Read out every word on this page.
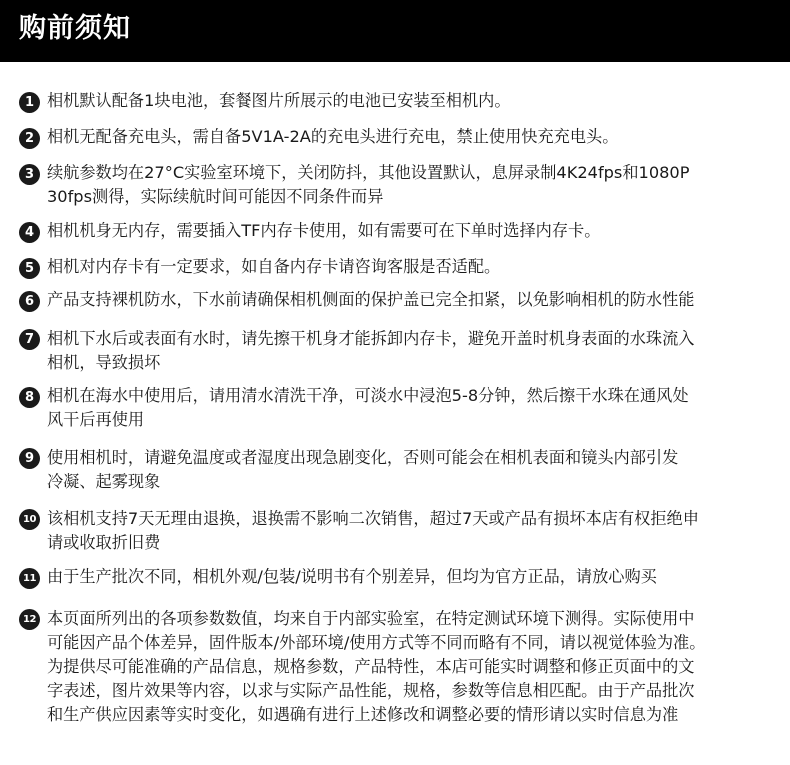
购前须知
1 相机默认配备1块电池，套餐图片所展示的电池已安装至相机内。
2 相机无配备充电头，需自备5V1A-2A的充电头进行充电，禁止使用快充充电头。
3 续航参数均在27°C实验室环境下，关闭防抖，其他设置默认，息屏录制4K24fps和1080P
30fps测得，实际续航时间可能因不同条件而异
4 相机机身无内存，需要插入TF内存卡使用，如有需要可在下单时选择内存卡。
5 相机对内存卡有一定要求，如自备内存卡请咨询客服是否适配。
6 产品支持裸机防水，下水前请确保相机侧面的保护盖已完全扣紧，以免影响相机的防水性能
7 相机下水后或表面有水时，请先擦干机身才能拆卸内存卡，避免开盖时机身表面的水珠流入
相机，导致损坏
8 相机在海水中使用后，请用清水清洗干净，可淡水中浸泡5-8分钟，然后擦干水珠在通风处
风干后再使用
9 使用相机时，请避免温度或者湿度出现急剧变化，否则可能会在相机表面和镜头内部引发
冷凝、起雾现象
10 该相机支持7天无理由退换，退换需不影响二次销售，超过7天或产品有损坏本店有权拒绝申
请或收取折旧费
11 由于生产批次不同，相机外观/包装/说明书有个别差异，但均为官方正品，请放心购买
12 本页面所列出的各项参数数值，均来自于内部实验室，在特定测试环境下测得。实际使用中
可能因产品个体差异，固件版本/外部环境/使用方式等不同而略有不同，请以视觉体验为准。
为提供尽可能准确的产品信息，规格参数，产品特性，本店可能实时调整和修正页面中的文
字表述，图片效果等内容，以求与实际产品性能，规格，参数等信息相匹配。由于产品批次
和生产供应因素等实时变化，如遇确有进行上述修改和调整必要的情形请以实时信息为准
